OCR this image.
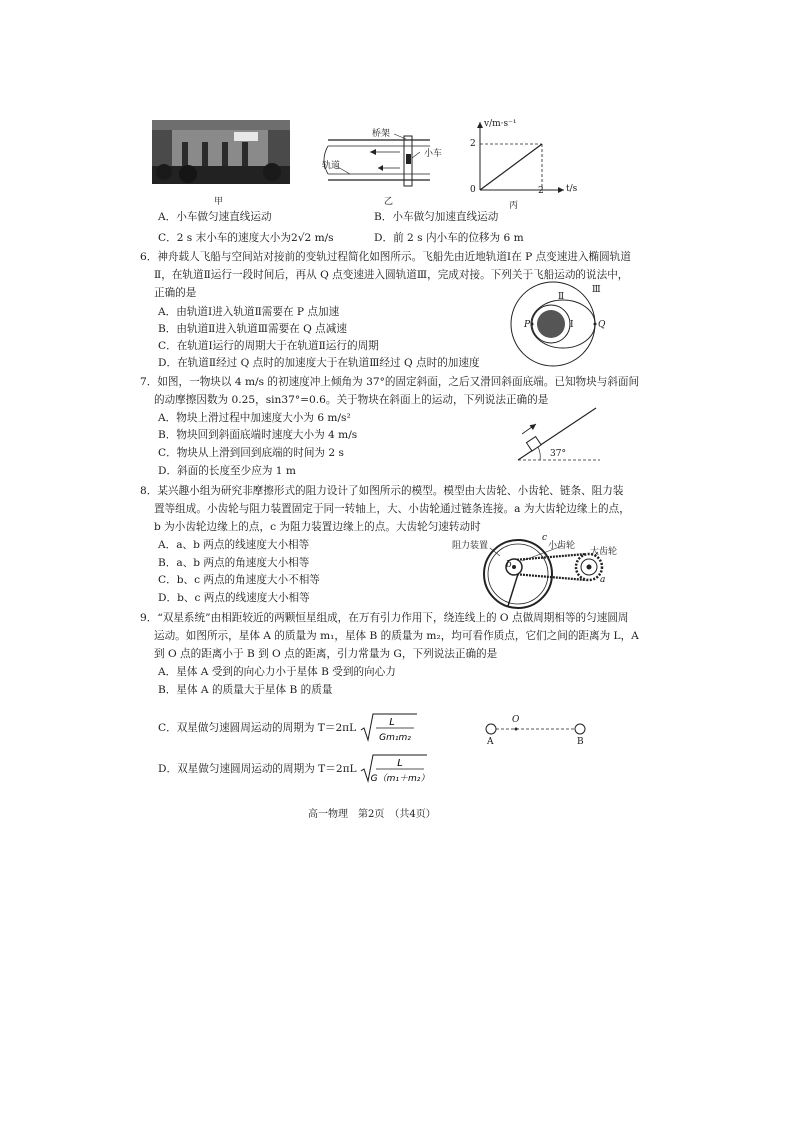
甲
桥架
小车
轨道
乙
v/m·s⁻¹
t/s
2
0	2
丙
A．小车做匀速直线运动	B．小车做匀加速直线运动
C．2 s 末小车的速度大小为2√2 m/s	D．前 2 s 内小车的位移为 6 m
6．神舟载人飞船与空间站对接前的变轨过程简化如图所示。飞船先由近地轨道Ⅰ在 P 点变速进入椭圆轨道
Ⅱ，在轨道Ⅱ运行一段时间后，再从 Q 点变速进入圆轨道Ⅲ，完成对接。下列关于飞船运动的说法中，
正确的是
A．由轨道Ⅰ进入轨道Ⅱ需要在 P 点加速
B．由轨道Ⅱ进入轨道Ⅲ需要在 Q 点减速
C．在轨道Ⅰ运行的周期大于在轨道Ⅱ运行的周期
D．在轨道Ⅱ经过 Q 点时的加速度大于在轨道Ⅲ经过 Q 点时的加速度
Ⅱ
Ⅲ
Ⅰ
P	Q
7．如图，一物块以 4 m/s 的初速度冲上倾角为 37°的固定斜面，之后又滑回斜面底端。已知物块与斜面间
的动摩擦因数为 0.25，sin37°=0.6。关于物块在斜面上的运动，下列说法正确的是
A．物块上滑过程中加速度大小为 6 m/s²
B．物块回到斜面底端时速度大小为 4 m/s
C．物块从上滑到回到底端的时间为 2 s
D．斜面的长度至少应为 1 m
37°
8．某兴趣小组为研究非摩擦形式的阻力设计了如图所示的模型。模型由大齿轮、小齿轮、链条、阻力装
置等组成。小齿轮与阻力装置固定于同一转轴上，大、小齿轮通过链条连接。a 为大齿轮边缘上的点，
b 为小齿轮边缘上的点，c 为阻力装置边缘上的点。大齿轮匀速转动时
A．a、b 两点的线速度大小相等
B．a、b 两点的角速度大小相等
C．b、c 两点的角速度大小不相等
D．b、c 两点的线速度大小相等
阻力装置	小齿轮
大齿轮
c
b
a
9．“双星系统”由相距较近的两颗恒星组成，在万有引力作用下，绕连线上的 O 点做周期相等的匀速圆周
运动。如图所示，星体 A 的质量为 m₁，星体 B 的质量为 m₂，均可看作质点，它们之间的距离为 L，A
到 O 点的距离小于 B 到 O 点的距离，引力常量为 G，下列说法正确的是
A．星体 A 受到的向心力小于星体 B 受到的向心力
B．星体 A 的质量大于星体 B 的质量
C．双星做匀速圆周运动的周期为 T＝2πL	L
Gm₁m₂
D．双星做匀速圆周运动的周期为 T＝2πL	L
G（m₁＋m₂）
O
A	B
高一物理　第2页　（共4页）
